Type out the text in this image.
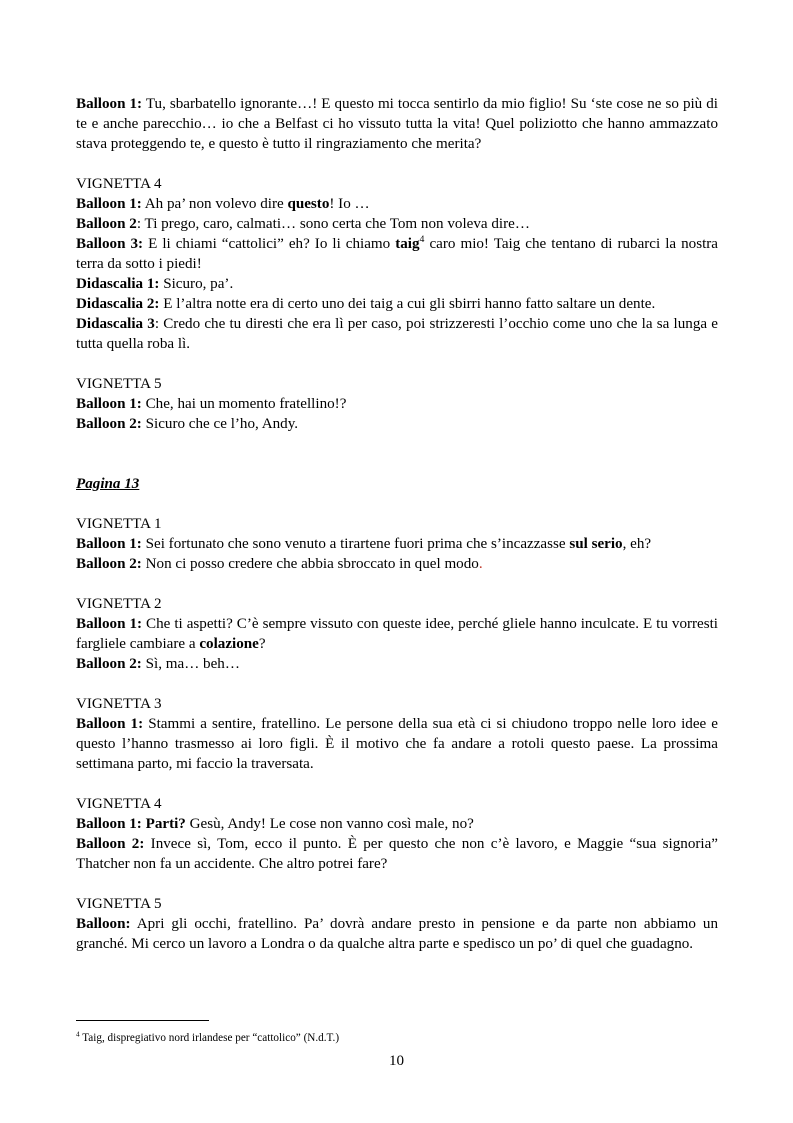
Balloon 1: Tu, sbarbatello ignorante…! E questo mi tocca sentirlo da mio figlio! Su ‘ste cose ne so più di te e anche parecchio… io che a Belfast ci ho vissuto tutta la vita! Quel poliziotto che hanno ammazzato stava proteggendo te, e questo è tutto il ringraziamento che merita?

VIGNETTA 4

Balloon 1: Ah pa’ non volevo dire questo! Io …

Balloon 2: Ti prego, caro, calmati… sono certa che Tom non voleva dire…

Balloon 3: E li chiami “cattolici” eh? Io li chiamo taig$^4$ caro mio! Taig che tentano di rubarci la nostra terra da sotto i piedi!

Didascalia 1: Sicuro, pa’.

Didascalia 2: E l’altra notte era di certo uno dei taig a cui gli sbirri hanno fatto saltare un dente.

Didascalia 3: Credo che tu diresti che era lì per caso, poi strizzeresti l’occhio come uno che la sa lunga e tutta quella roba lì.

VIGNETTA 5

Balloon 1: Che, hai un momento fratellino!?

Balloon 2: Sicuro che ce l’ho, Andy.

Pagina 13

VIGNETTA 1

Balloon 1: Sei fortunato che sono venuto a tirartene fuori prima che s’incazzasse sul serio, eh?

Balloon 2: Non ci posso credere che abbia sbroccato in quel modo.

VIGNETTA 2

Balloon 1: Che ti aspetti? C’è sempre vissuto con queste idee, perché gliele hanno inculcate. E tu vorresti fargliele cambiare a colazione?

Balloon 2: Sì, ma… beh…

VIGNETTA 3

Balloon 1: Stammi a sentire, fratellino. Le persone della sua età ci si chiudono troppo nelle loro idee e questo l’hanno trasmesso ai loro figli. È il motivo che fa andare a rotoli questo paese. La prossima settimana parto, mi faccio la traversata.

VIGNETTA 4

Balloon 1: Parti? Gesù, Andy! Le cose non vanno così male, no?

Balloon 2: Invece sì, Tom, ecco il punto. È per questo che non c’è lavoro, e Maggie “sua signoria” Thatcher non fa un accidente. Che altro potrei fare?

VIGNETTA 5

Balloon: Apri gli occhi, fratellino. Pa’ dovrà andare presto in pensione e da parte non abbiamo un granché. Mi cerco un lavoro a Londra o da qualche altra parte e spedisco un po’ di quel che guadagno.

$^4$ Taig, dispregiativo nord irlandese per “cattolico” (N.d.T.)
10
